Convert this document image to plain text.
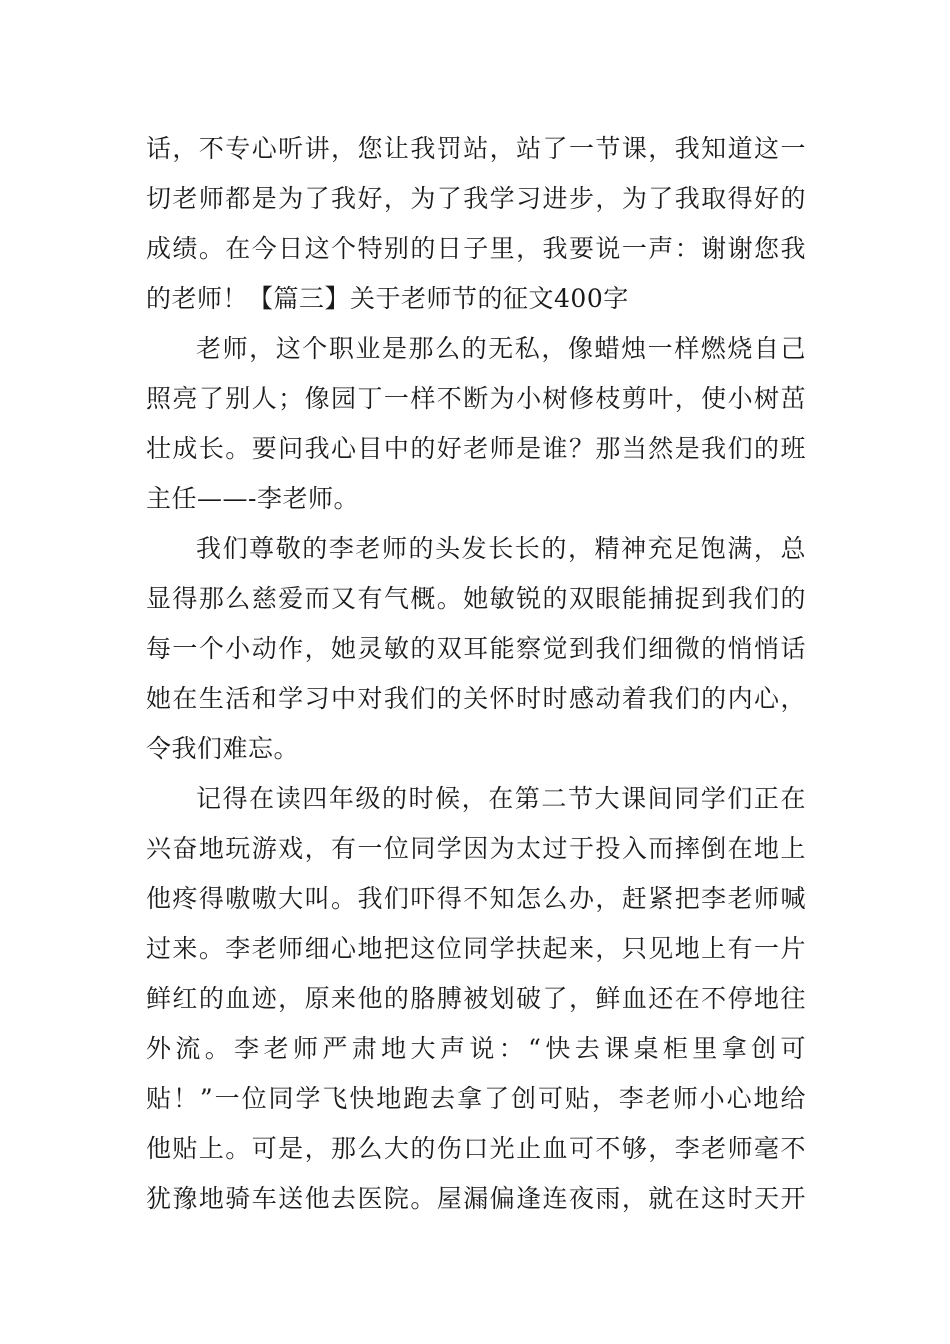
话，不专心听讲，您让我罚站，站了一节课，我知道这一
切老师都是为了我好，为了我学习进步，为了我取得好的
成绩。在今日这个特别的日子里，我要说一声：谢谢您我
的老师！【篇三】关于老师节的征文400字
老师，这个职业是那么的无私，像蜡烛一样燃烧自己
照亮了别人；像园丁一样不断为小树修枝剪叶，使小树茁
壮成长。要问我心目中的好老师是谁？那当然是我们的班
主任——-李老师。
我们尊敬的李老师的头发长长的，精神充足饱满，总
显得那么慈爱而又有气概。她敏锐的双眼能捕捉到我们的
每一个小动作，她灵敏的双耳能察觉到我们细微的悄悄话
她在生活和学习中对我们的关怀时时感动着我们的内心，
令我们难忘。
记得在读四年级的时候，在第二节大课间同学们正在
兴奋地玩游戏，有一位同学因为太过于投入而摔倒在地上
他疼得嗷嗷大叫。我们吓得不知怎么办，赶紧把李老师喊
过来。李老师细心地把这位同学扶起来，只见地上有一片
鲜红的血迹，原来他的胳膊被划破了，鲜血还在不停地往
外流。李老师严肃地大声说：“快去课桌柜里拿创可
贴！”一位同学飞快地跑去拿了创可贴，李老师小心地给
他贴上。可是，那么大的伤口光止血可不够，李老师毫不
犹豫地骑车送他去医院。屋漏偏逢连夜雨，就在这时天开
